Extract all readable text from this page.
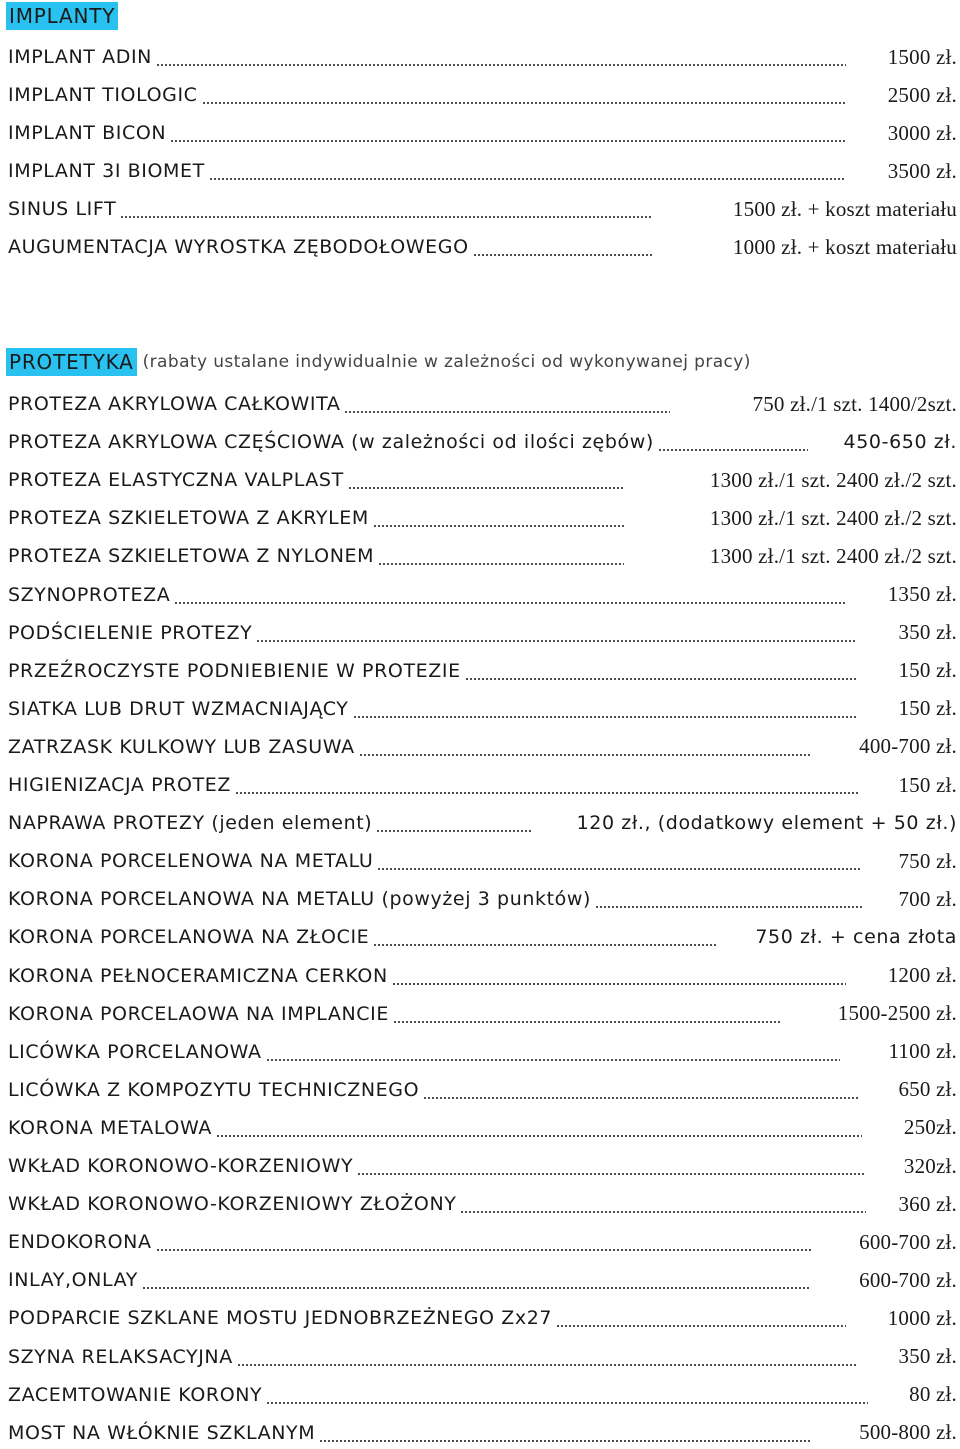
IMPLANTY
IMPLANT ADIN	1500 zł.
IMPLANT TIOLOGIC	2500 zł.
IMPLANT BICON	3000 zł.
IMPLANT 3I BIOMET	3500 zł.
SINUS LIFT	1500 zł. + koszt materiału
AUGUMENTACJA WYROSTKA ZĘBODOŁOWEGO	1000 zł. + koszt materiału
PROTETYKA (rabaty ustalane indywidualnie w zależności od wykonywanej pracy)
PROTEZA AKRYLOWA CAŁKOWITA	750 zł./1 szt. 1400/2szt.
PROTEZA AKRYLOWA CZĘŚCIOWA (w zależności od ilości zębów)	450-650 zł.
PROTEZA ELASTYCZNA VALPLAST	1300 zł./1 szt. 2400 zł./2 szt.
PROTEZA SZKIELETOWA Z AKRYLEM	1300 zł./1 szt. 2400 zł./2 szt.
PROTEZA SZKIELETOWA Z NYLONEM	1300 zł./1 szt. 2400 zł./2 szt.
SZYNOPROTEZA	1350 zł.
PODŚCIELENIE PROTEZY	350 zł.
PRZEŹROCZYSTE PODNIEBIENIE W PROTEZIE	150 zł.
SIATKA LUB DRUT WZMACNIAJĄCY	150 zł.
ZATRZASK KULKOWY LUB ZASUWA	400-700 zł.
HIGIENIZACJA PROTEZ	150 zł.
NAPRAWA PROTEZY (jeden element)	120 zł., (dodatkowy element + 50 zł.)
KORONA PORCELENOWA NA METALU	750 zł.
KORONA PORCELANOWA NA METALU (powyżej 3 punktów)	700 zł.
KORONA PORCELANOWA NA ZŁOCIE	750 zł. + cena złota
KORONA PEŁNOCERAMICZNA CERKON	1200 zł.
KORONA PORCELAOWA NA IMPLANCIE	1500-2500 zł.
LICÓWKA PORCELANOWA	1100 zł.
LICÓWKA Z KOMPOZYTU TECHNICZNEGO	650 zł.
KORONA METALOWA	250zł.
WKŁAD KORONOWO-KORZENIOWY	320zł.
WKŁAD KORONOWO-KORZENIOWY ZŁOŻONY	360 zł.
ENDOKORONA	600-700 zł.
INLAY,ONLAY	600-700 zł.
PODPARCIE SZKLANE MOSTU JEDNOBRZEŻNEGO Zx27	1000 zł.
SZYNA RELAKSACYJNA	350 zł.
ZACEMTOWANIE KORONY	80 zł.
MOST NA WŁÓKNIE SZKLANYM	500-800 zł.
